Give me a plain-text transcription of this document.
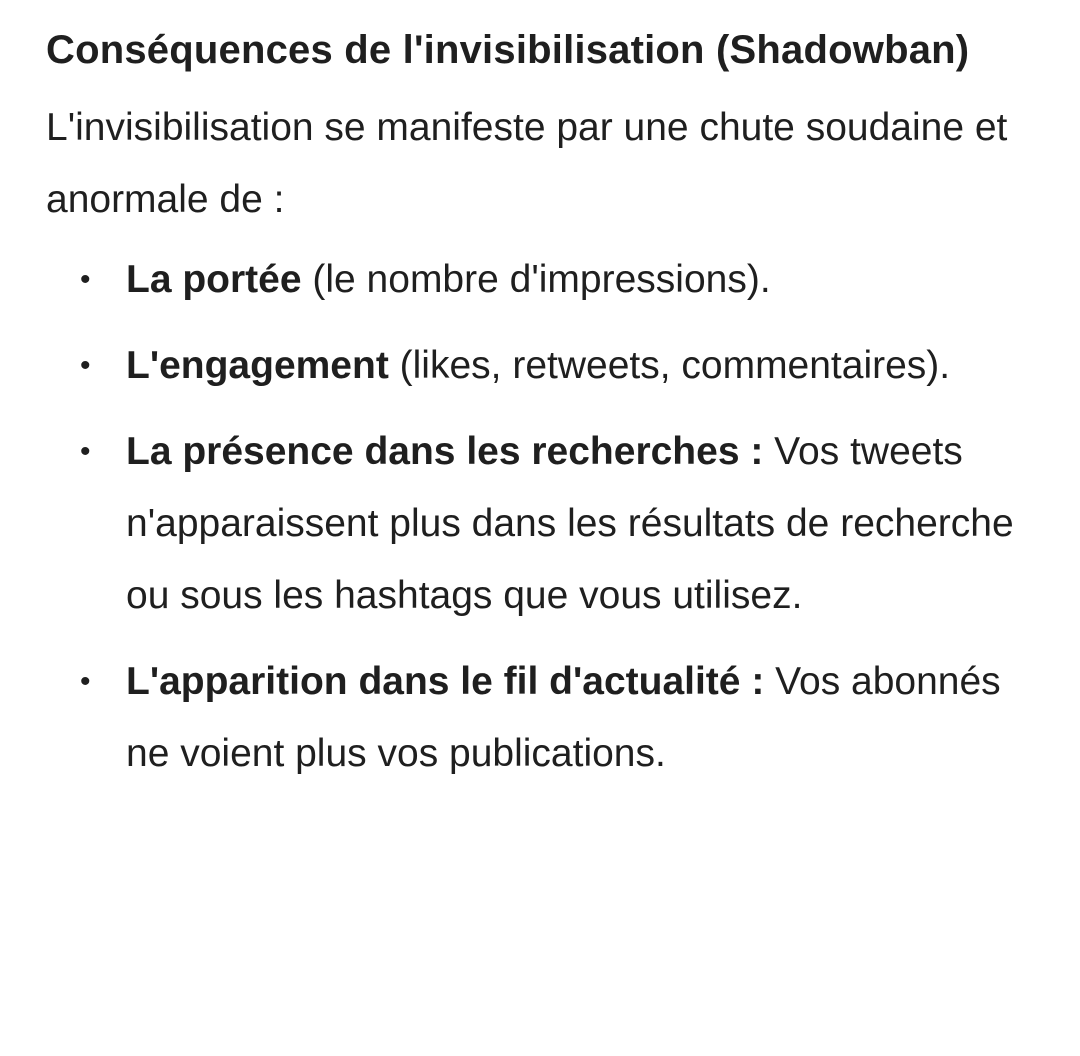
Conséquences de l'invisibilisation (Shadowban)

L'invisibilisation se manifeste par une chute soudaine et anormale de :

• La portée (le nombre d'impressions).
• L'engagement (likes, retweets, commentaires).
• La présence dans les recherches : Vos tweets n'apparaissent plus dans les résultats de recherche ou sous les hashtags que vous utilisez.
• L'apparition dans le fil d'actualité : Vos abonnés ne voient plus vos publications.
